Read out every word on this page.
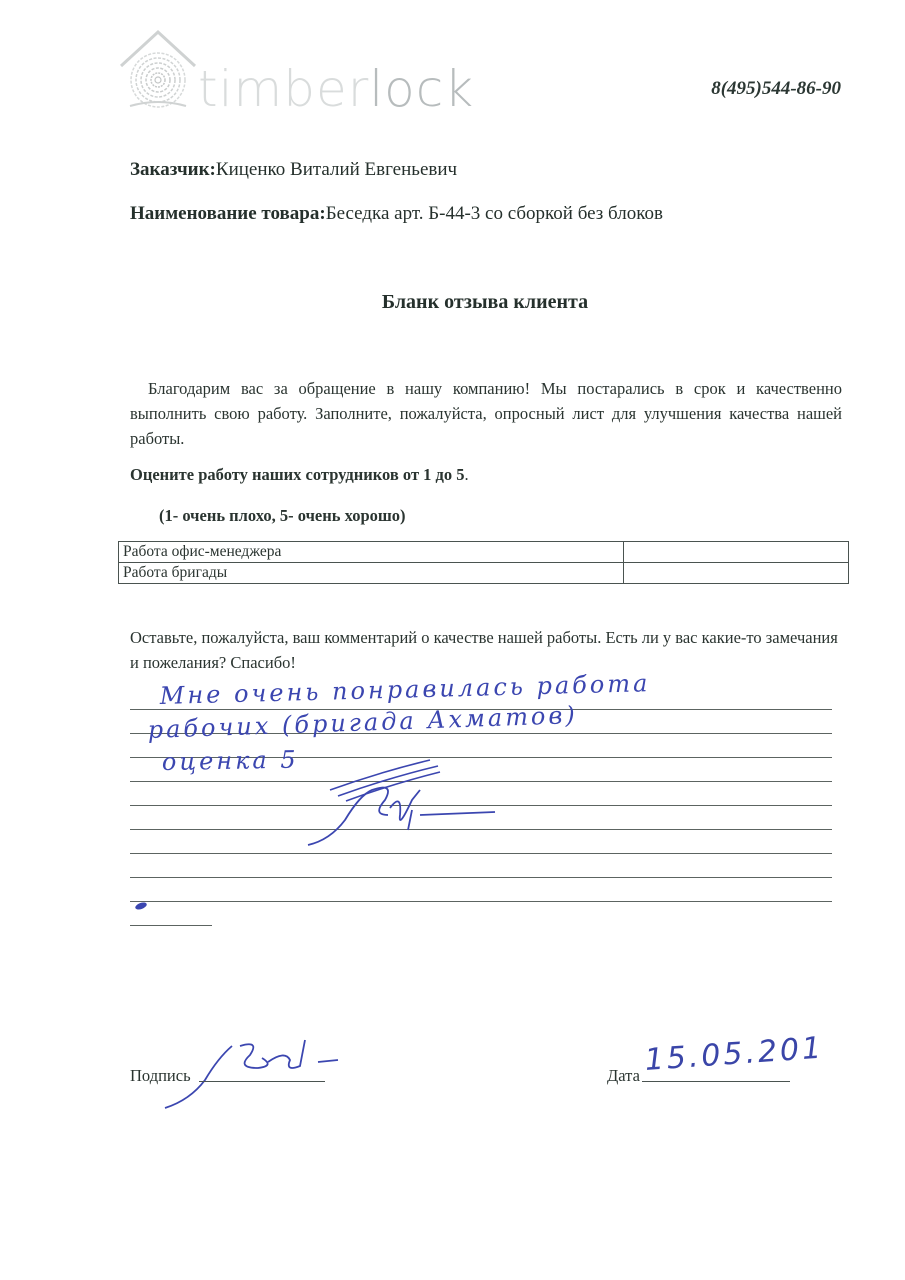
timberlock	8(495)544-86-90
Заказчик:Киценко Виталий Евгеньевич
Наименование товара:Беседка арт. Б-44-3 со сборкой без блоков
Бланк отзыва клиента
Благодарим вас за обращение в нашу компанию! Мы постарались в срок и качественно выполнить свою работу. Заполните, пожалуйста, опросный лист для улучшения качества нашей работы.
Оцените работу наших сотрудников от 1 до 5.
(1- очень плохо, 5- очень хорошо)
Работа офис-менеджера	
Работа бригады	
Оставьте, пожалуйста, ваш комментарий о качестве нашей работы. Есть ли у вас какие-то замечания и пожелания? Спасибо!
Мне очень понравилась работа
рабочих (бригада Ахматов)
оценка 5
Подпись	Дата 15.05.201
